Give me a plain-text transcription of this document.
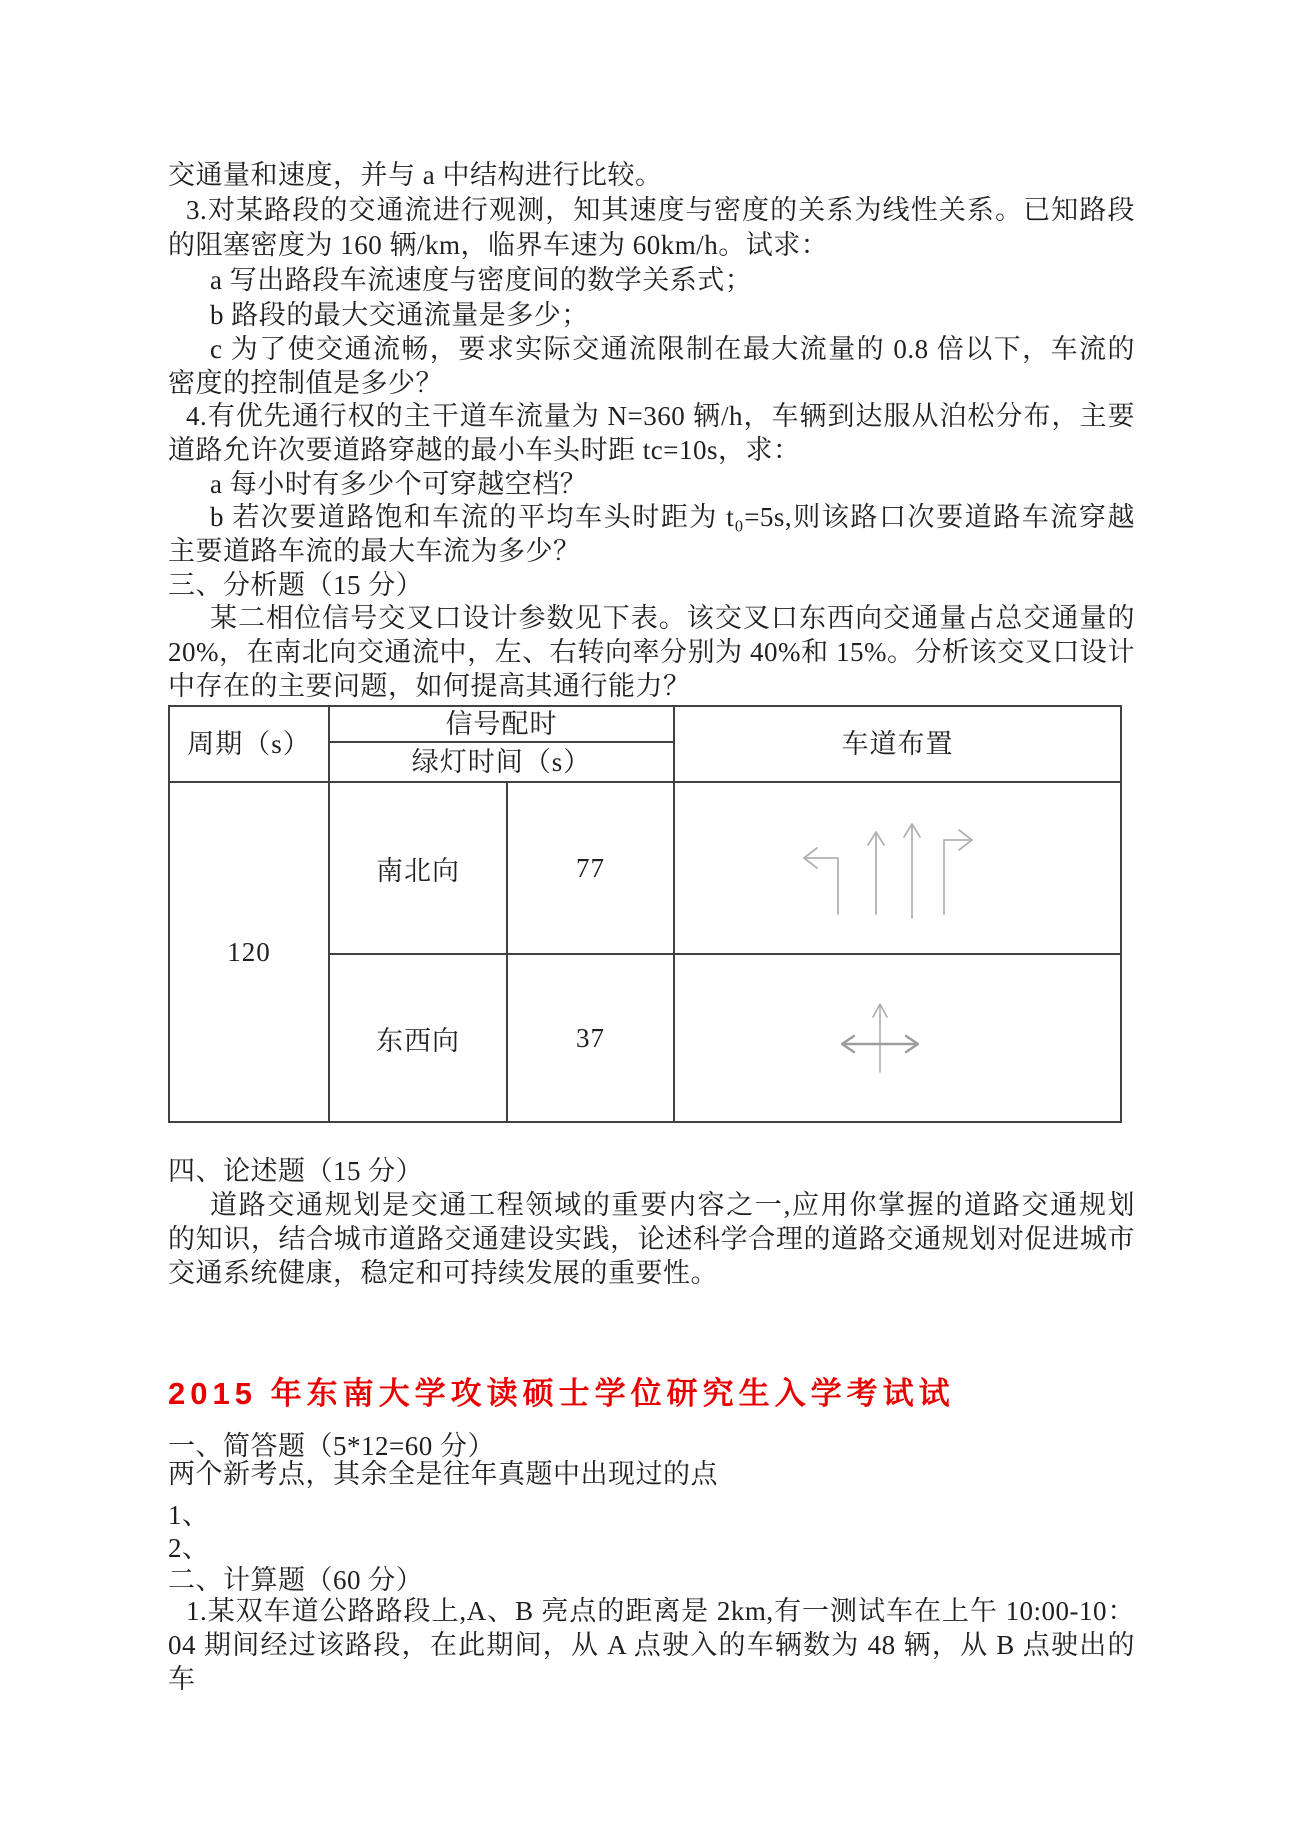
交通量和速度，并与 a 中结构进行比较。
3.对某路段的交通流进行观测，知其速度与密度的关系为线性关系。已知路段
的阻塞密度为 160 辆/km，临界车速为 60km/h。试求：
a 写出路段车流速度与密度间的数学关系式；
b 路段的最大交通流量是多少；
c 为了使交通流畅，要求实际交通流限制在最大流量的 0.8 倍以下，车流的
密度的控制值是多少？
4.有优先通行权的主干道车流量为 N=360 辆/h，车辆到达服从泊松分布，主要
道路允许次要道路穿越的最小车头时距 tc=10s，求：
a 每小时有多少个可穿越空档？
b 若次要道路饱和车流的平均车头时距为 t₀=5s,则该路口次要道路车流穿越
主要道路车流的最大车流为多少？
三、分析题（15 分）
某二相位信号交叉口设计参数见下表。该交叉口东西向交通量占总交通量的
20%，在南北向交通流中，左、右转向率分别为 40%和 15%。分析该交叉口设计
中存在的主要问题，如何提高其通行能力？
周期（s）	信号配时		车道布置
	绿灯时间（s）		
120	南北向	77	

	东西向	37	
四、论述题（15 分）
道路交通规划是交通工程领域的重要内容之一,应用你掌握的道路交通规划
的知识，结合城市道路交通建设实践，论述科学合理的道路交通规划对促进城市
交通系统健康，稳定和可持续发展的重要性。
2015 年东南大学攻读硕士学位研究生入学考试试
一、简答题（5*12=60 分）
两个新考点，其余全是往年真题中出现过的点
1、
2、
二、计算题（60 分）
1.某双车道公路路段上,A、B 亮点的距离是 2km,有一测试车在上午 10:00-10：
04 期间经过该路段，在此期间，从 A 点驶入的车辆数为 48 辆，从 B 点驶出的车
